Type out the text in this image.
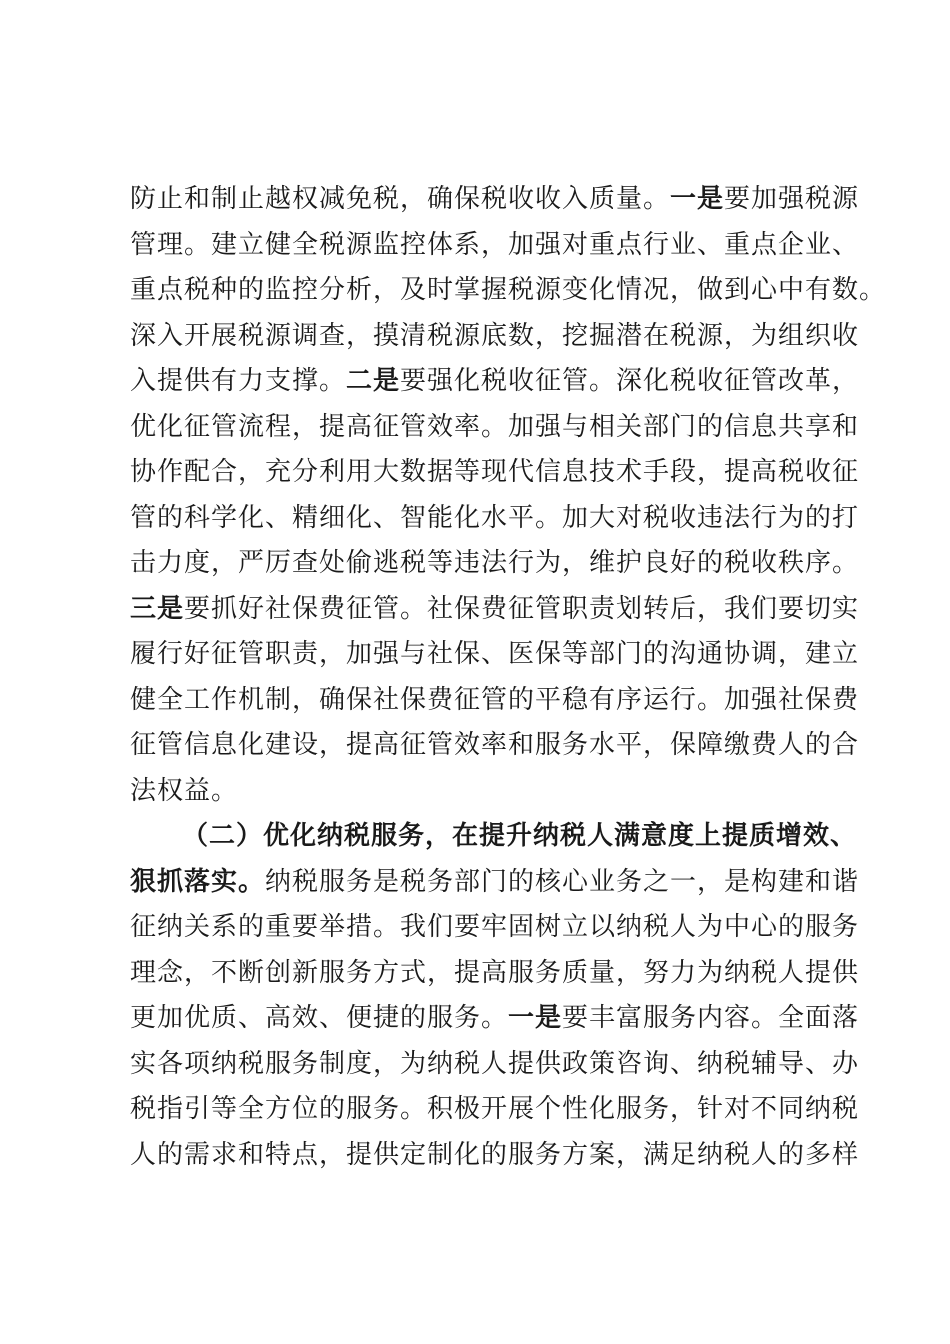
防止和制止越权减免税，确保税收收入质量。一是要加强税源
管理。建立健全税源监控体系，加强对重点行业、重点企业、
重点税种的监控分析，及时掌握税源变化情况，做到心中有数。
深入开展税源调查，摸清税源底数，挖掘潜在税源，为组织收
入提供有力支撑。二是要强化税收征管。深化税收征管改革，
优化征管流程，提高征管效率。加强与相关部门的信息共享和
协作配合，充分利用大数据等现代信息技术手段，提高税收征
管的科学化、精细化、智能化水平。加大对税收违法行为的打
击力度，严厉查处偷逃税等违法行为，维护良好的税收秩序。
三是要抓好社保费征管。社保费征管职责划转后，我们要切实
履行好征管职责，加强与社保、医保等部门的沟通协调，建立
健全工作机制，确保社保费征管的平稳有序运行。加强社保费
征管信息化建设，提高征管效率和服务水平，保障缴费人的合
法权益。
（二）优化纳税服务，在提升纳税人满意度上提质增效、
狠抓落实。纳税服务是税务部门的核心业务之一，是构建和谐
征纳关系的重要举措。我们要牢固树立以纳税人为中心的服务
理念，不断创新服务方式，提高服务质量，努力为纳税人提供
更加优质、高效、便捷的服务。一是要丰富服务内容。全面落
实各项纳税服务制度，为纳税人提供政策咨询、纳税辅导、办
税指引等全方位的服务。积极开展个性化服务，针对不同纳税
人的需求和特点，提供定制化的服务方案，满足纳税人的多样
